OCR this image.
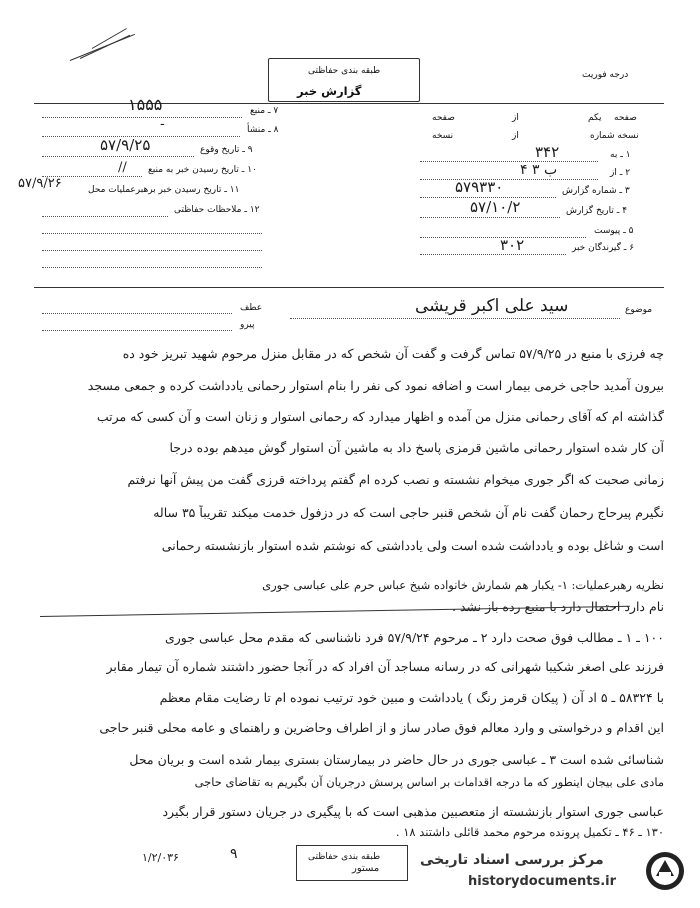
طبقه بندی حفاظتی
گزارش خبر
درجه فوریت
صفحه
یکم
از
صفحه
نسخه شماره
از
نسخه
۱ ـ به
۳۴۲
۲ ـ از
۴ ب ۳
۳ ـ شماره گزارش
۵۷۹۳۳۰
۴ ـ تاریخ گزارش
۵۷/۱۰/۲
۵ ـ پیوست
۶ ـ گیرندگان خبر
۳۰۲
۷ ـ منبع
۱۵۵۵
۸ ـ منشأ
-
۹ ـ تاریخ وقوع
۵۷/۹/۲۵
۱۰ ـ تاریخ رسیدن خبر به منبع
//
۱۱ ـ تاریخ رسیدن خبر برهبرعملیات محل
۵۷/۹/۲۶
۱۲ ـ ملاحظات حفاظتی
موضوع
سید علی اکبر قریشی
عطف
پیرو
چه فرزی با منبع در ۵۷/۹/۲۵ تماس گرفت و گفت آن شخص که در مقابل منزل مرحوم شهید تبریز خود ده
بیرون آمدید حاجی خرمی بیمار است و اضافه نمود کی نفر را بنام استوار رحمانی یادداشت کرده و جمعی مسجد
گذاشته ام که آقای رحمانی منزل من آمده و اظهار میدارد که رحمانی استوار و زنان است و آن کسی که مرتب
آن کار شده استوار رحمانی ماشین قرمزی پاسخ داد به ماشین آن استوار گوش میدهم بوده درجا
زمانی صحبت که اگر جوری میخوام نشسته و نصب کرده ام گفتم پرداخته قرزی گفت من پیش آنها نرفتم
نگیرم پیرحاج رحمان گفت نام آن شخص قنبر حاجی است که در دزفول خدمت میکند تقریباً ۳۵ ساله
است و شاغل بوده و یادداشت شده است ولی یادداشتی که نوشتم شده استوار بازنشسته رحمانی
نام دارد احتمال دارد با منبع رده باز نشد .
نظریه رهبرعملیات: ۱- یکبار هم شمارش خانواده شیخ عباس حرم علی عباسی جوری
۱۰۰ ـ ۱ ـ مطالب فوق صحت دارد ۲ ـ مرحوم ۵۷/۹/۲۴ فرد ناشناسی که مقدم محل عباسی جوری
فرزند علی اصغر شکیبا شهرانی که در رسانه مساجد آن افراد که در آنجا حضور داشتند شماره آن تیمار مقابر
با ۵۸۳۲۴ ـ ۵ اد آن ( پیکان قرمز رنگ ) یادداشت و مبین خود ترتیب نموده ام تا رضایت مقام معظم
این اقدام و درخواستی و وارد معالم فوق صادر ساز و از اطراف وحاضرین و راهنمای و عامه محلی قنبر حاجی
شناسائی شده است ۳ ـ عباسی جوری در حال حاضر در بیمارستان بستری بیمار شده است و بریان محل
مادی علی بیجان اینطور که ما درجه اقدامات بر اساس پرسش درجریان آن بگیریم به تقاضای حاجی
عباسی جوری استوار بازنشسته از متعصبین مذهبی است که با پیگیری در جریان دستور قرار بگیرد
۱۳۰ ـ ۴۶ ـ تکمیل پرونده مرحوم محمد قائلی داشتند ۱۸ .
۱/۲/۰۳۶	۹	طبقه بندی حفاظتی
مستور
مرکز بررسی اسناد تاریخی
historydocuments.ir
